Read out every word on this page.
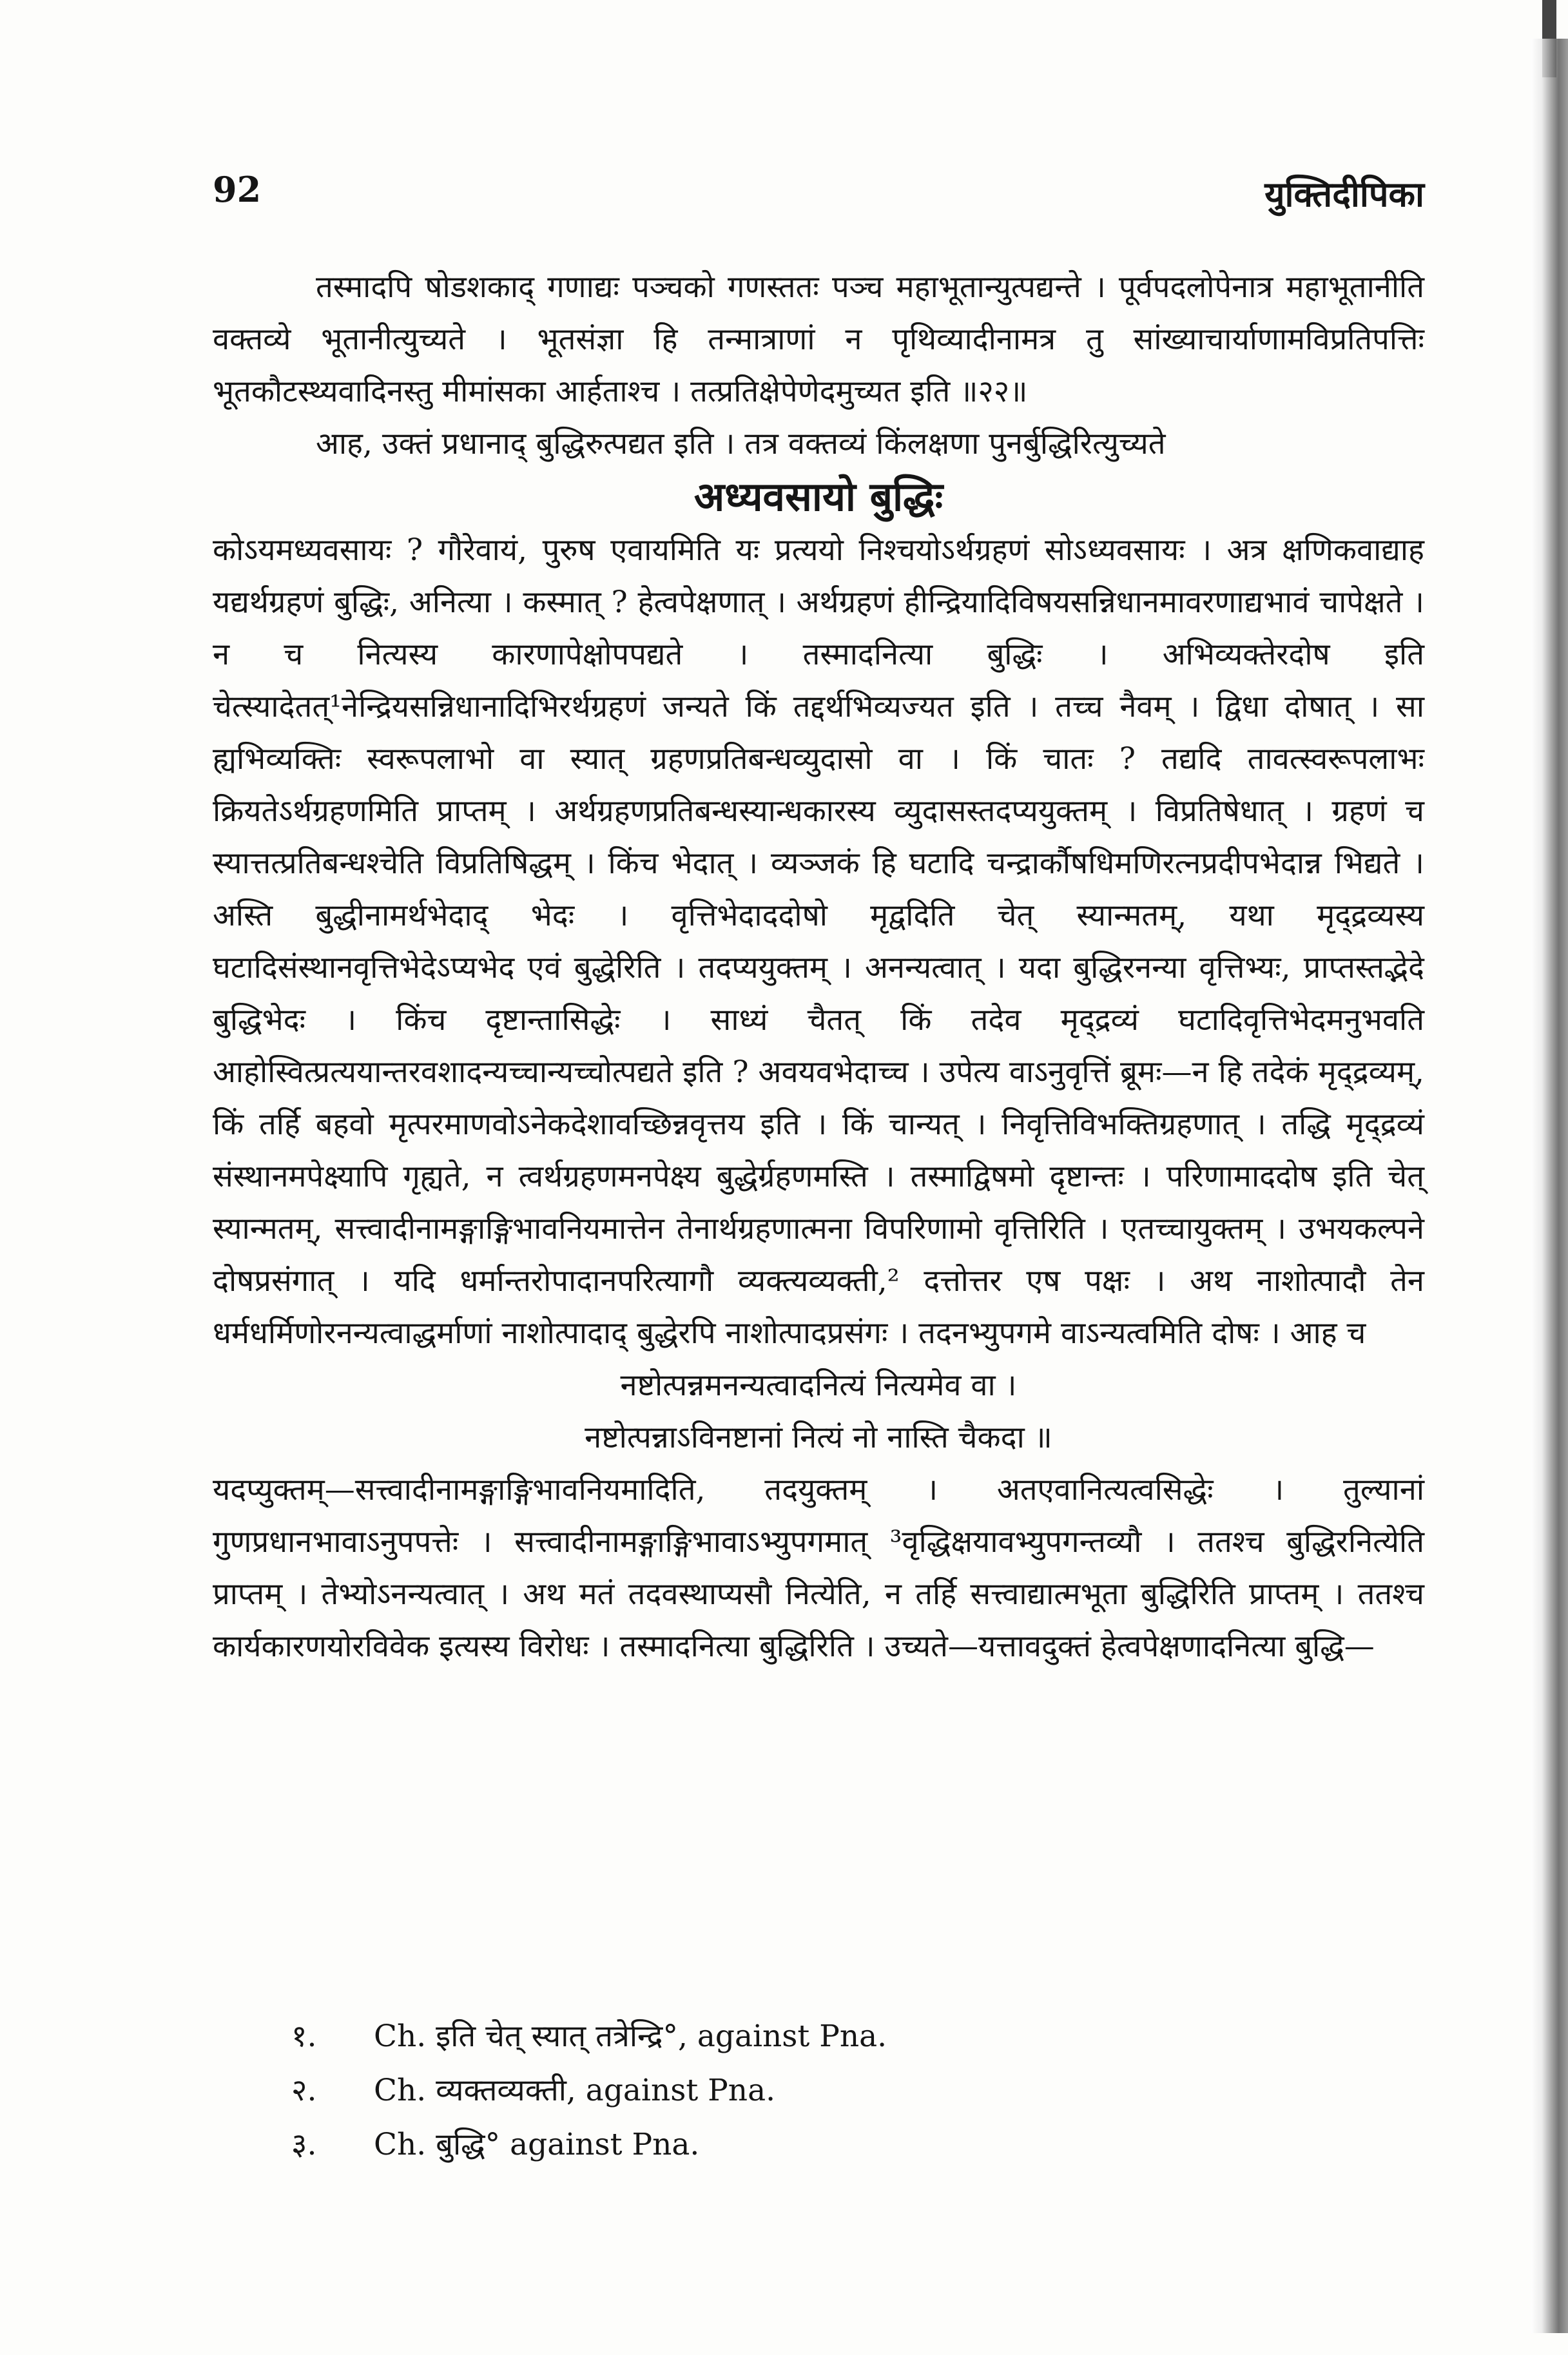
92	युक्तिदीपिका

तस्मादपि षोडशकाद् गणाद्यः पञ्चको गणस्ततः पञ्च महाभूतान्युत्पद्यन्ते । पूर्वपदलोपेनात्र महाभूतानीति वक्तव्ये भूतानीत्युच्यते । भूतसंज्ञा हि तन्मात्राणां न पृथिव्यादीनामत्र तु सांख्याचार्याणामविप्रतिपत्तिः भूतकौटस्थ्यवादिनस्तु मीमांसका आर्हताश्च । तत्प्रतिक्षेपेणेदमुच्यत इति ॥२२॥

आह, उक्तं प्रधानाद् बुद्धिरुत्पद्यत इति । तत्र वक्तव्यं किंलक्षणा पुनर्बुद्धिरित्युच्यते

अध्यवसायो बुद्धिः

कोऽयमध्यवसायः ? गौरेवायं, पुरुष एवायमिति यः प्रत्ययो निश्चयोऽर्थग्रहणं सोऽध्यवसायः । अत्र क्षणिकवाद्याह यद्यर्थग्रहणं बुद्धिः, अनित्या । कस्मात् ? हेत्वपेक्षणात् । अर्थग्रहणं हीन्द्रियादिविषयसन्निधानमावरणाद्यभावं चापेक्षते । न च नित्यस्य कारणापेक्षोपपद्यते । तस्मादनित्या बुद्धिः । अभिव्यक्तेरदोष इति चेत्स्यादेतत्¹नेन्द्रियसन्निधानादिभिरर्थग्रहणं जन्यते किं तद्दर्थभिव्यज्यत इति । तच्च नैवम् । द्विधा दोषात् । सा ह्यभिव्यक्तिः स्वरूपलाभो वा स्यात् ग्रहणप्रतिबन्धव्युदासो वा । किं चातः ? तद्यदि तावत्स्वरूपलाभः क्रियतेऽर्थग्रहणमिति प्राप्तम् । अर्थग्रहणप्रतिबन्धस्यान्धकारस्य व्युदासस्तदप्ययुक्तम् । विप्रतिषेधात् । ग्रहणं च स्यात्तत्प्रतिबन्धश्चेति विप्रतिषिद्धम् । किंच भेदात् । व्यञ्जकं हि घटादि चन्द्रार्कौषधिमणिरत्नप्रदीपभेदान्न भिद्यते । अस्ति बुद्धीनामर्थभेदाद् भेदः । वृत्तिभेदाददोषो मृद्वदिति चेत् स्यान्मतम्, यथा मृद्द्रव्यस्य घटादिसंस्थानवृत्तिभेदेऽप्यभेद एवं बुद्धेरिति । तदप्ययुक्तम् । अनन्यत्वात् । यदा बुद्धिरनन्या वृत्तिभ्यः, प्राप्तस्तद्भेदे बुद्धिभेदः । किंच दृष्टान्तासिद्धेः । साध्यं चैतत् किं तदेव मृद्द्रव्यं घटादिवृत्तिभेदमनुभवति आहोस्वित्प्रत्ययान्तरवशादन्यच्चान्यच्चोत्पद्यते इति ? अवयवभेदाच्च । उपेत्य वाऽनुवृत्तिं ब्रूमः—न हि तदेकं मृद्द्रव्यम्, किं तर्हि बहवो मृत्परमाणवोऽनेकदेशावच्छिन्नवृत्तय इति । किं चान्यत् । निवृत्तिविभक्तिग्रहणात् । तद्धि मृद्द्रव्यं संस्थानमपेक्ष्यापि गृह्यते, न त्वर्थग्रहणमनपेक्ष्य बुद्धेर्ग्रहणमस्ति । तस्माद्विषमो दृष्टान्तः । परिणामाददोष इति चेत् स्यान्मतम्, सत्त्वादीनामङ्गाङ्गिभावनियमात्तेन तेनार्थग्रहणात्मना विपरिणामो वृत्तिरिति । एतच्चायुक्तम् । उभयकल्पने दोषप्रसंगात् । यदि धर्मान्तरोपादानपरित्यागौ व्यक्त्यव्यक्ती,² दत्तोत्तर एष पक्षः । अथ नाशोत्पादौ तेन धर्मधर्मिणोरनन्यत्वाद्धर्माणां नाशोत्पादाद् बुद्धेरपि नाशोत्पादप्रसंगः । तदनभ्युपगमे वाऽन्यत्वमिति दोषः । आह च

नष्टोत्पन्नमनन्यत्वादनित्यं नित्यमेव वा ।

नष्टोत्पन्नाऽविनष्टानां नित्यं नो नास्ति चैकदा ॥

यदप्युक्तम्—सत्त्वादीनामङ्गाङ्गिभावनियमादिति, तदयुक्तम् । अतएवानित्यत्वसिद्धेः । तुल्यानां गुणप्रधानभावाऽनुपपत्तेः । सत्त्वादीनामङ्गाङ्गिभावाऽभ्युपगमात् ³वृद्धिक्षयावभ्युपगन्तव्यौ । ततश्च बुद्धिरनित्येति प्राप्तम् । तेभ्योऽनन्यत्वात् । अथ मतं तदवस्थाप्यसौ नित्येति, न तर्हि सत्त्वाद्यात्मभूता बुद्धिरिति प्राप्तम् । ततश्च कार्यकारणयोरविवेक इत्यस्य विरोधः । तस्मादनित्या बुद्धिरिति । उच्यते—यत्तावदुक्तं हेत्वपेक्षणादनित्या बुद्धि—

१.	Ch. इति चेत् स्यात् तत्रेन्द्रि°, against Pna.
२.	Ch. व्यक्तव्यक्ती, against Pna.
३.	Ch. बुद्धि° against Pna.
